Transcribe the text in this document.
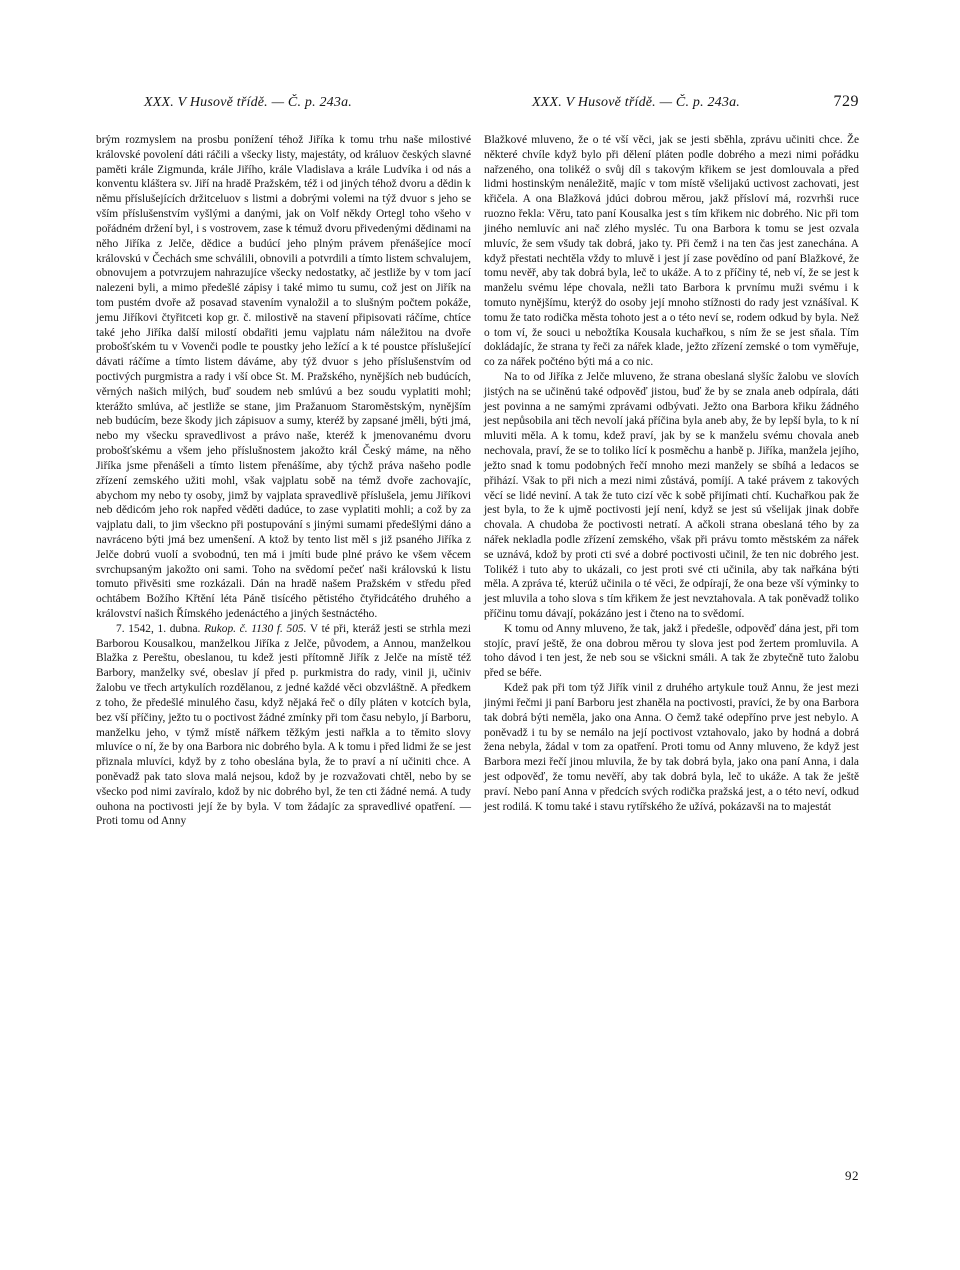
XXX. V Husově třídě. — Č. p. 243a.

brým rozmyslem na prosbu ponížení téhož Jiříka k tomu trhu naše milostivé královské povolení dáti ráčili a všecky listy, majestáty, od králuov českých slavné paměti krále Zigmunda, krále Jiřího, krále Vladislava a krále Ludvíka i od nás a konventu kláštera sv. Jiří na hradě Pražském, též i od jiných téhož dvoru a dědin k němu příslušejících držitceluov s listmi a dobrými volemi na týž dvuor s jeho se vším příslušenstvím vyšlými a danými, jak on Volf někdy Ortegl toho všeho v pořádném držení byl, i s vostrovem, zase k témuž dvoru přivedenými dědinami na něho Jiříka z Jelče, dědice a budúcí jeho plným právem přenášejíce mocí královskú v Čechách sme schválili, obnovili a potvrdili a tímto listem schvalujem, obnovujem a potvrzujem nahrazujíce všecky nedostatky, ač jestliže by v tom jací nalezeni byli, a mimo předešlé zápisy i také mimo tu sumu, což jest on Jiřík na tom pustém dvoře až posavad stavením vynaložil a to slušným počtem pokáže, jemu Jiříkovi čtyřitceti kop gr. č. milostivě na stavení připisovati ráčíme, chtíce také jeho Jiříka další milostí obdařiti jemu vajplatu nám náležitou na dvoře probošťském tu v Vovenči podle te poustky jeho ležící a k té poustce příslušející dávati ráčíme a tímto listem dáváme, aby týž dvuor s jeho příslušenstvím od poctivých purgmistra a rady i vší obce St. M. Pražského, nynějších neb budúcích, věrných našich milých, buď soudem neb smlúvú a bez soudu vyplatiti mohl; kterážto smlúva, ač jestliže se stane, jim Pražanuom Staroměstským, nynějším neb budúcím, beze škody jich zápisuov a sumy, kteréž by zapsané jměli, býti jmá, nebo my všecku spravedlivost a právo naše, kteréž k jmenovanému dvoru probošťskému a všem jeho příslušnostem jakožto král Český máme, na něho Jiříka jsme přenášeli a tímto listem přenášíme, aby týchž práva našeho podle zřízení zemského užiti mohl, však vajplatu sobě na témž dvoře zachovajíc, abychom my nebo ty osoby, jimž by vajplata spravedlivě příslušela, jemu Jiříkovi neb dědicóm jeho rok napřed věděti dadúce, to zase vyplatiti mohli; a což by za vajplatu dali, to jim všecknо při postupování s jinými sumami předešlými dáno a navráceno býti jmá bez umenšení. A ktož by tento list měl s již psaného Jiříka z Jelče dobrú vuolí a svobodnú, ten má i jmíti bude plné právo ke všem věcem svrchupsaným jakožto oni sami. Toho na svědomí pečeť naši královskú k listu tomuto přivěsiti sme rozkázali. Dán na hradě našem Pražském v středu před ochtábem Božího Křtění léta Páně tisícého pětistého čtyřidcátého druhého a království našich Římského jedenáctého a jiných šestnáctého.

7. 1542, 1. dubna. Rukop. č. 1130 f. 505. V té při, kteráž jesti se strhla mezi Barborou Kousalkou, manželkou Jiříka z Jelče, původem, a Annou, manželkou Blažka z Pereštu, obeslanou, tu kdež jesti přítomně Jiřík z Jelče na místě též Barbory, manželky své, obeslav jí před p. purkmistra do rady, vinil ji, učiniv žalobu ve třech artykulích rozdělanou, z jedné každé věci obzvláštně. A předkem z toho, že předešlé minulého času, když nějaká řeč o díly pláten v kotcích byla, bez vší příčiny, ježto tu o poctivost žádné zmínky při tom času nebylo, jí Barboru, manželku jeho, v týmž místě nářkem těžkým jesti nařkla a to těmito slovy mluvíce o ní, že by ona Barbora nic dobrého byla. A k tomu i před lidmi že se jest přiznala mluvíci, když by z toho obeslána byla, že to praví a ní učiniti chce. A poněvadž pak tato slova malá nejsou, kdož by je rozvažovati chtěl, nebo by se všecko pod nimi zavíralo, kdož by nic dobrého byl, že ten cti žádné nemá. A tudy ouhona na poctivosti její že by byla. V tom žádajíc za spravedlivé opatření. — Proti tomu od Anny

XXX. V Husově třídě. — Č. p. 243a.	729

Blažkové mluveno, že o té vší věci, jak se jesti sběhla, zprávu učiniti chce. Že některé chvíle když bylo při dělení pláten podle dobrého a mezi nimi pořádku nařzeného, ona tolikéž o svůj díl s takovým křikem se jest domlouvala a před lidmi hostinským nenáležitě, majíc v tom místě všelijakú uctivost zachovati, jest křičela. A ona Blažková jdúci dobrou měrou, jakž přísloví má, rozvrhši ruce ruozno řekla: Věru, tato paní Kousalka jest s tím křikem nic dobrého. Nic při tom jiného nemluvíc ani nač zlého mysléc. Tu ona Barbora k tomu se jest ozvala mluvíc, že sem všudy tak dobrá, jako ty. Při čemž i na ten čas jest zanechána. A když přestati nechtěla vždy to mluvě i jest jí zase povědíno od paní Blažkové, že tomu nevěř, aby tak dobrá byla, leč to ukáže. A to z příčiny té, neb ví, že se jest k manželu svému lépe chovala, nežli tato Barbora k prvnímu muži svému i k tomuto nynějšímu, kterýž do osoby její mnoho stížnosti do rady jest vznášíval. K tomu že tato rodička města tohoto jest a o této neví se, rodem odkud by byla. Než o tom ví, že souci u nebožtíka Kousala kuchařkou, s ním že se jest sňala. Tím dokládajíc, že strana ty řeči za nářek klade, ježto zřízení zemské o tom vyměřuje, co za nářek počténo býti má a co nic.

Na to od Jiříka z Jelče mluveno, že strana obeslaná slyšíc žalobu ve slovích jistých na se učiněnú také odpověď jistou, buď že by se znala aneb odpírala, dáti jest povinna a ne samými zprávami odbývati. Ježto ona Barbora křiku žádného jest nepůsobila ani těch nevolí jaká příčina byla aneb aby, že by lepší byla, to k ní mluviti měla. A k tomu, kdež praví, jak by se k manželu svému chovala aneb nechovala, praví, že se to toliko lící k posměchu a hanbě p. Jiříka, manžela jejího, ježto snad k tomu podobných řečí mnoho mezi manžely se sbíhá a ledacos se přihází. Však to při nich a mezi nimi zůstává, pomíjí. A také právem z takových věcí se lidé neviní. A tak že tuto cizí věc k sobě přijímati chtí. Kuchařkou pak že jest byla, to že k ujmě poctivosti její není, když se jest sú všelijak jinak dobře chovala. A chudoba že poctivosti netratí. A ačkoli strana obeslaná tého by za nářek nekladla podle zřízení zemského, však při právu tomto městském za nářek se uznává, kdož by proti cti své a dobré poctivosti učinil, že ten nic dobrého jest. Tolikéž i tuto aby to ukázali, co jest proti své cti učinila, aby tak nařkána býti měla. A zpráva té, kterúž učinila o té věci, že odpírají, že ona beze vší výminky to jest mluvila a toho slova s tím křikem že jest nevztahovala. A tak poněvadž toliko příčinu tomu dávají, pokázáno jest i čteno na to svědomí.

K tomu od Anny mluveno, že tak, jakž i předešle, odpověď dána jest, při tom stojíc, praví ještě, že ona dobrou měrou ty slova jest pod žertem promluvila. A toho dávod i ten jest, že neb sou se všickni smáli. A tak že zbytečně tuto žalobu před se béře.

Kdež pak při tom týž Jiřík vinil z druhého artykule touž Annu, že jest mezi jinými řečmi ji paní Barboru jest zhaněla na poctivosti, pravíci, že by ona Barbora tak dobrá býti neměla, jako ona Anna. O čemž také odepříno prve jest nebylo. A poněvadž i tu by se nemálo na její poctivost vztahovalo, jako by hodná a dobrá žena nebyla, žádal v tom za opatření. Proti tomu od Anny mluveno, že když jest Barbora mezi řečí jinou mluvila, že by tak dobrá byla, jako ona paní Anna, i dala jest odpověď, že tomu nevěří, aby tak dobrá byla, leč to ukáže. A tak že ještě praví. Nebo paní Anna v předcích svých rodička pražská jest, a o této neví, odkud jest rodilá. K tomu také i stavu rytířského že užívá, pokázavši na to majestát

92
